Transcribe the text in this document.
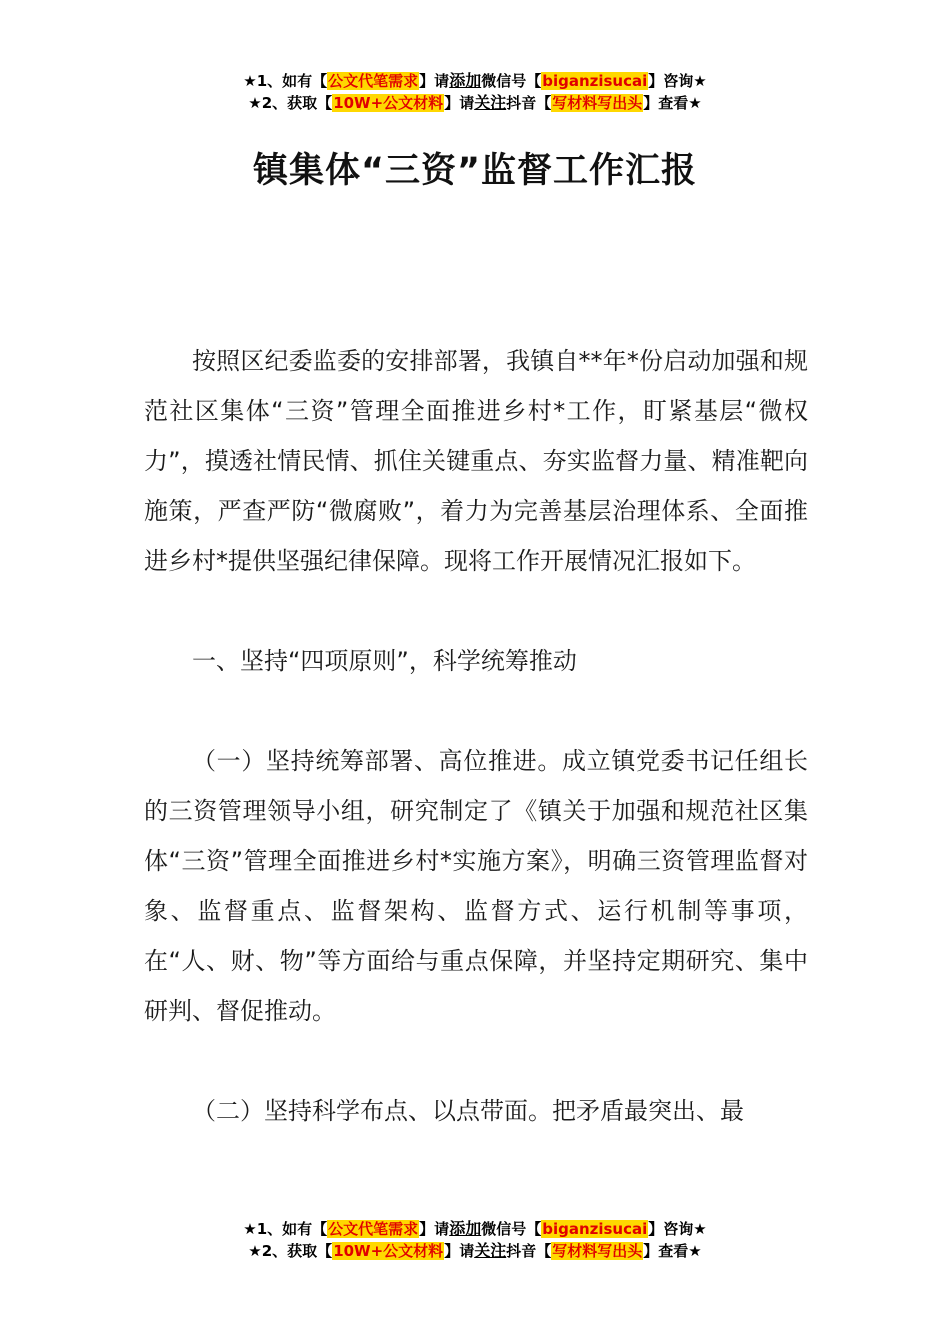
★1、如有【公文代笔需求】请添加微信号【biganzisucai】咨询★
★2、获取【10W+公文材料】请关注抖音【写材料写出头】查看★
镇集体“三资”监督工作汇报

按照区纪委监委的安排部署，我镇自**年*份启动加强和规范社区集体“三资”管理全面推进乡村*工作，盯紧基层“微权力”，摸透社情民情、抓住关键重点、夯实监督力量、精准靶向施策，严查严防“微腐败”，着力为完善基层治理体系、全面推进乡村*提供坚强纪律保障。现将工作开展情况汇报如下。

一、坚持“四项原则”，科学统筹推动

（一）坚持统筹部署、高位推进。成立镇党委书记任组长的三资管理领导小组，研究制定了《镇关于加强和规范社区集体“三资”管理全面推进乡村*实施方案》，明确三资管理监督对象、监督重点、监督架构、监督方式、运行机制等事项，在“人、财、物”等方面给与重点保障，并坚持定期研究、集中研判、督促推动。

（二）坚持科学布点、以点带面。把矛盾最突出、最

★1、如有【公文代笔需求】请添加微信号【biganzisucai】咨询★
★2、获取【10W+公文材料】请关注抖音【写材料写出头】查看★
